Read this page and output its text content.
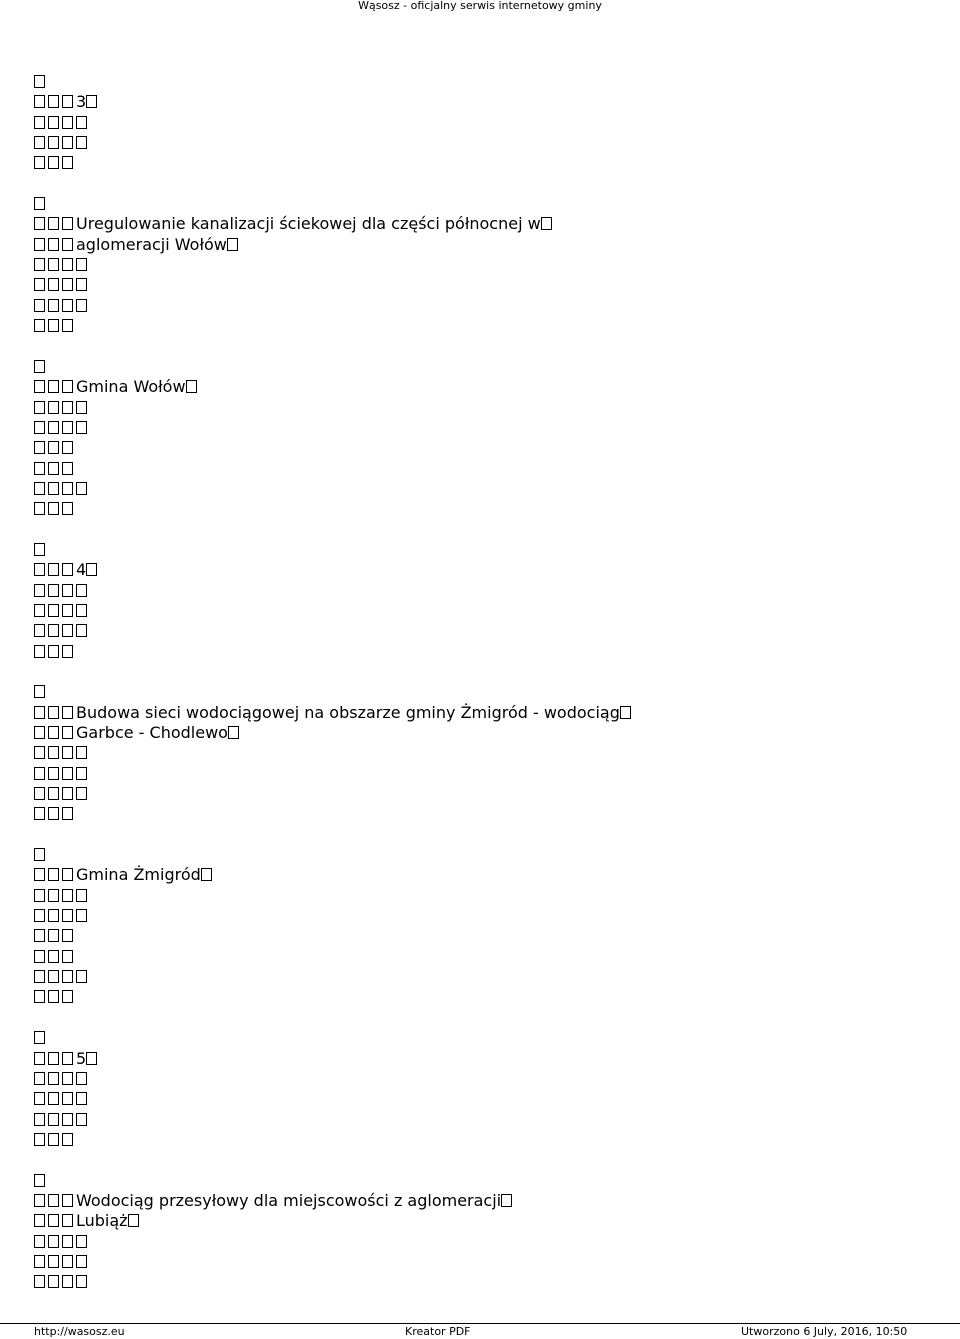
Wąsosz - oficjalny serwis internetowy gminy
3
Uregulowanie kanalizacji ściekowej dla części północnej w
aglomeracji Wołów
Gmina Wołów
4
Budowa sieci wodociągowej na obszarze gminy Żmigród - wodociąg
Garbce - Chodlewo
Gmina Żmigród
5
Wodociąg przesyłowy dla miejscowości z aglomeracji
Lubiąż
http://wasosz.eu	Kreator PDF	Utworzono 6 July, 2016, 10:50
